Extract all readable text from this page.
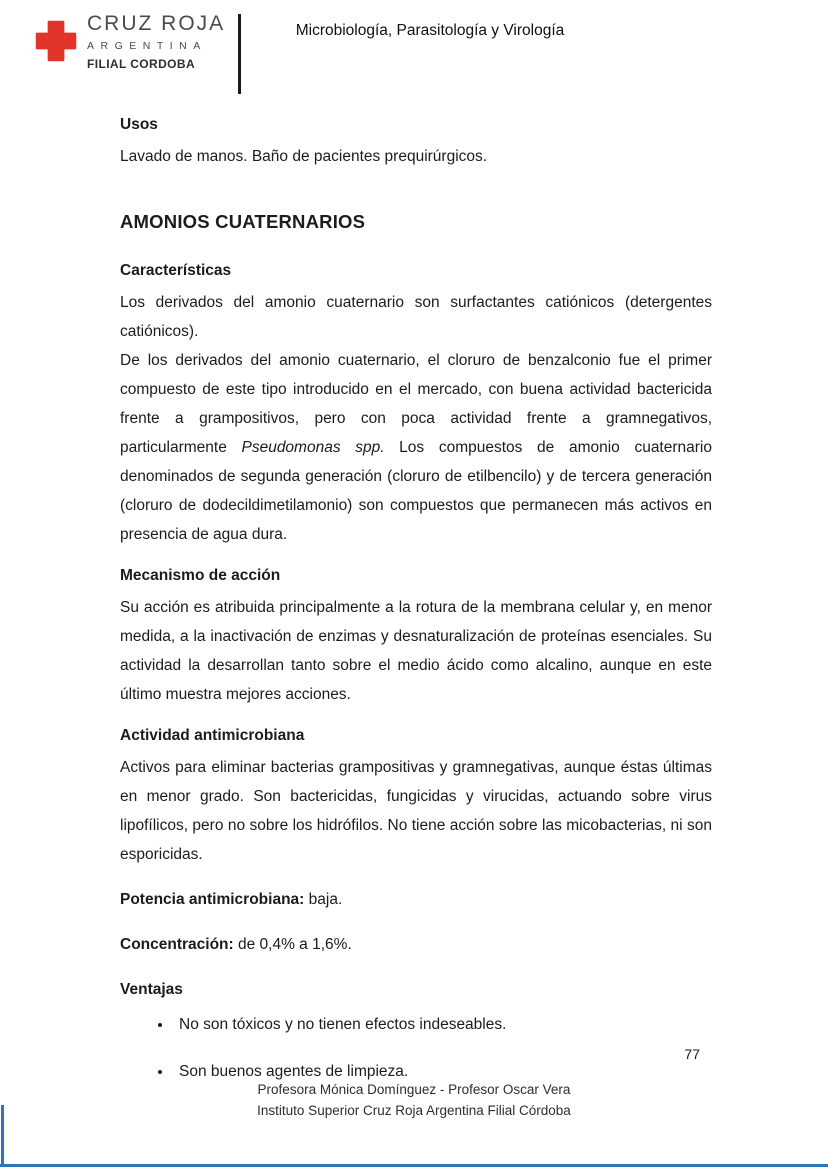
CRUZ ROJA
ARGENTINA
FILIAL CORDOBA
Microbiología, Parasitología y Virología
Usos

Lavado de manos. Baño de pacientes prequirúrgicos.

AMONIOS CUATERNARIOS
Características

Los derivados del amonio cuaternario son surfactantes catiónicos (detergentes catiónicos).

De los derivados del amonio cuaternario, el cloruro de benzalconio fue el primer compuesto de este tipo introducido en el mercado, con buena actividad bactericida frente a grampositivos, pero con poca actividad frente a gramnegativos, particularmente Pseudomonas spp. Los compuestos de amonio cuaternario denominados de segunda generación (cloruro de etilbencilo) y de tercera generación (cloruro de dodecildimetilamonio) son compuestos que permanecen más activos en presencia de agua dura.

Mecanismo de acción

Su acción es atribuida principalmente a la rotura de la membrana celular y, en menor medida, a la inactivación de enzimas y desnaturalización de proteínas esenciales. Su actividad la desarrollan tanto sobre el medio ácido como alcalino, aunque en este último muestra mejores acciones.

Actividad antimicrobiana

Activos para eliminar bacterias grampositivas y gramnegativas, aunque éstas últimas en menor grado. Son bactericidas, fungicidas y virucidas, actuando sobre virus lipofílicos, pero no sobre los hidrófilos. No tiene acción sobre las micobacterias, ni son esporicidas.

Potencia antimicrobiana: baja.

Concentración: de 0,4% a 1,6%.

Ventajas
• No son tóxicos y no tienen efectos indeseables.
• Son buenos agentes de limpieza.
77
Profesora Mónica Domínguez - Profesor Oscar Vera
Instituto Superior Cruz Roja Argentina Filial Córdoba
